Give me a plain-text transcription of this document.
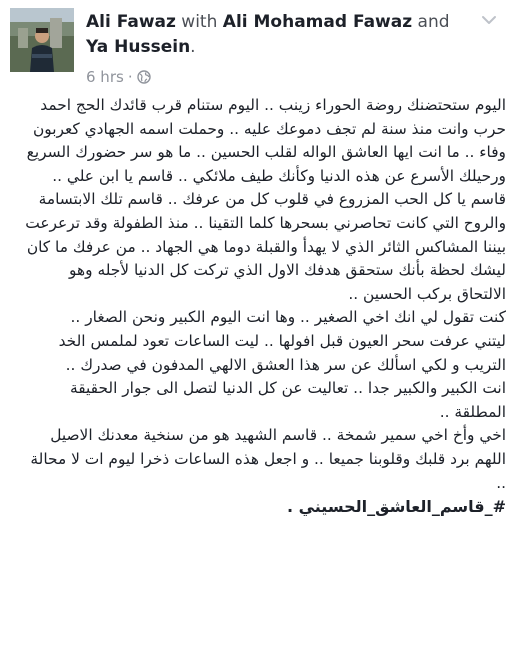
Ali Fawaz with Ali Mohamad Fawaz and Ya Hussein.
6 hrs ·

اليوم ستحتضنك روضة الحوراء زينب .. اليوم ستنام قرب قائدك الحج احمد حرب وانت منذ سنة لم تجف دموعك عليه .. وحملت اسمه الجهادي كعربون وفاء .. ما انت ايها العاشق الواله لقلب الحسين .. ما هو سر حضورك السريع ورحيلك الأسرع عن هذه الدنيا وكأنك طيف ملائكي .. قاسم يا ابن علي .. قاسم يا كل الحب المزروع في قلوب كل من عرفك .. قاسم تلك الابتسامة والروح التي كانت تحاصرني بسحرها كلما التقينا .. منذ الطفولة وقد ترعرعت بيننا المشاكس الثائر الذي لا يهدأ والقبلة دوما هي الجهاد .. من عرفك ما كان ليشك لحظة بأنك ستحقق هدفك الاول الذي تركت كل الدنيا لأجله وهو الالتحاق بركب الحسين ..

كنت تقول لي انك اخي الصغير .. وها انت اليوم الكبير ونحن الصغار ..

ليتني عرفت سحر العيون قبل افولها .. ليت الساعات تعود لملمس الخد التريب و لكي اسألك عن سر هذا العشق الالهي المدفون في صدرك ..

انت الكبير والكبير جدا .. تعاليت عن كل الدنيا لتصل الى جوار الحقيقة المطلقة ..

اخي وأخ اخي سمير شمخة .. قاسم الشهيد هو من سنخية معدنك الاصيل اللهم برد قلبك وقلوبنا جميعا .. و اجعل هذه الساعات ذخرا ليوم ات لا محالة ..

#_قاسم_العاشق_الحسيني .
